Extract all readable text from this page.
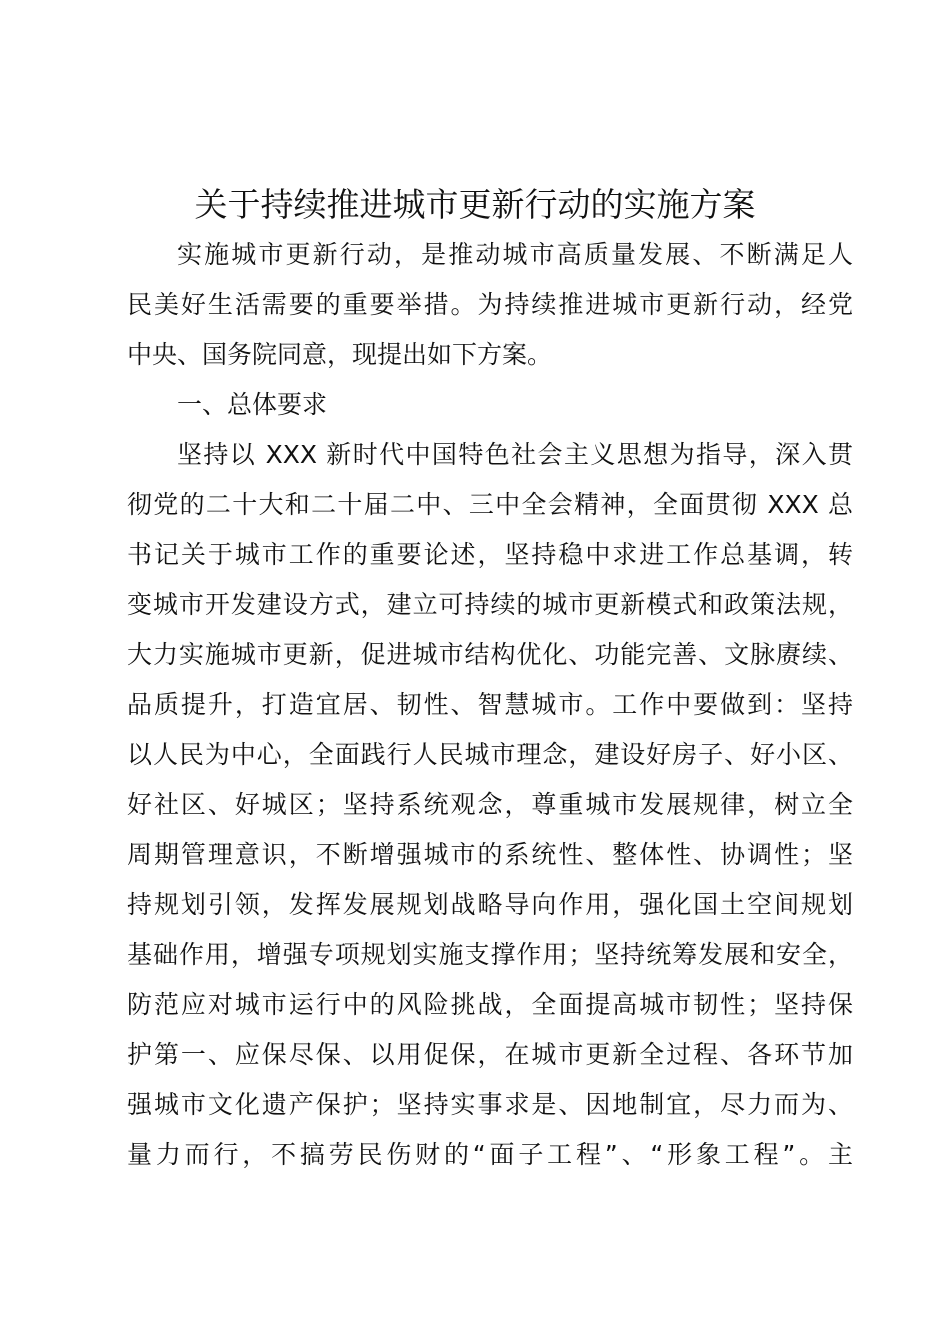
关于持续推进城市更新行动的实施方案
实施城市更新行动，是推动城市高质量发展、不断满足人
民美好生活需要的重要举措。为持续推进城市更新行动，经党
中央、国务院同意，现提出如下方案。
一、总体要求
坚持以 XXX 新时代中国特色社会主义思想为指导，深入贯
彻党的二十大和二十届二中、三中全会精神，全面贯彻 XXX 总
书记关于城市工作的重要论述，坚持稳中求进工作总基调，转
变城市开发建设方式，建立可持续的城市更新模式和政策法规，
大力实施城市更新，促进城市结构优化、功能完善、文脉赓续、
品质提升，打造宜居、韧性、智慧城市。工作中要做到：坚持
以人民为中心，全面践行人民城市理念，建设好房子、好小区、
好社区、好城区；坚持系统观念，尊重城市发展规律，树立全
周期管理意识，不断增强城市的系统性、整体性、协调性；坚
持规划引领，发挥发展规划战略导向作用，强化国土空间规划
基础作用，增强专项规划实施支撑作用；坚持统筹发展和安全，
防范应对城市运行中的风险挑战，全面提高城市韧性；坚持保
护第一、应保尽保、以用促保，在城市更新全过程、各环节加
强城市文化遗产保护；坚持实事求是、因地制宜，尽力而为、
量力而行，不搞劳民伤财的“面子工程”、“形象工程”。主
